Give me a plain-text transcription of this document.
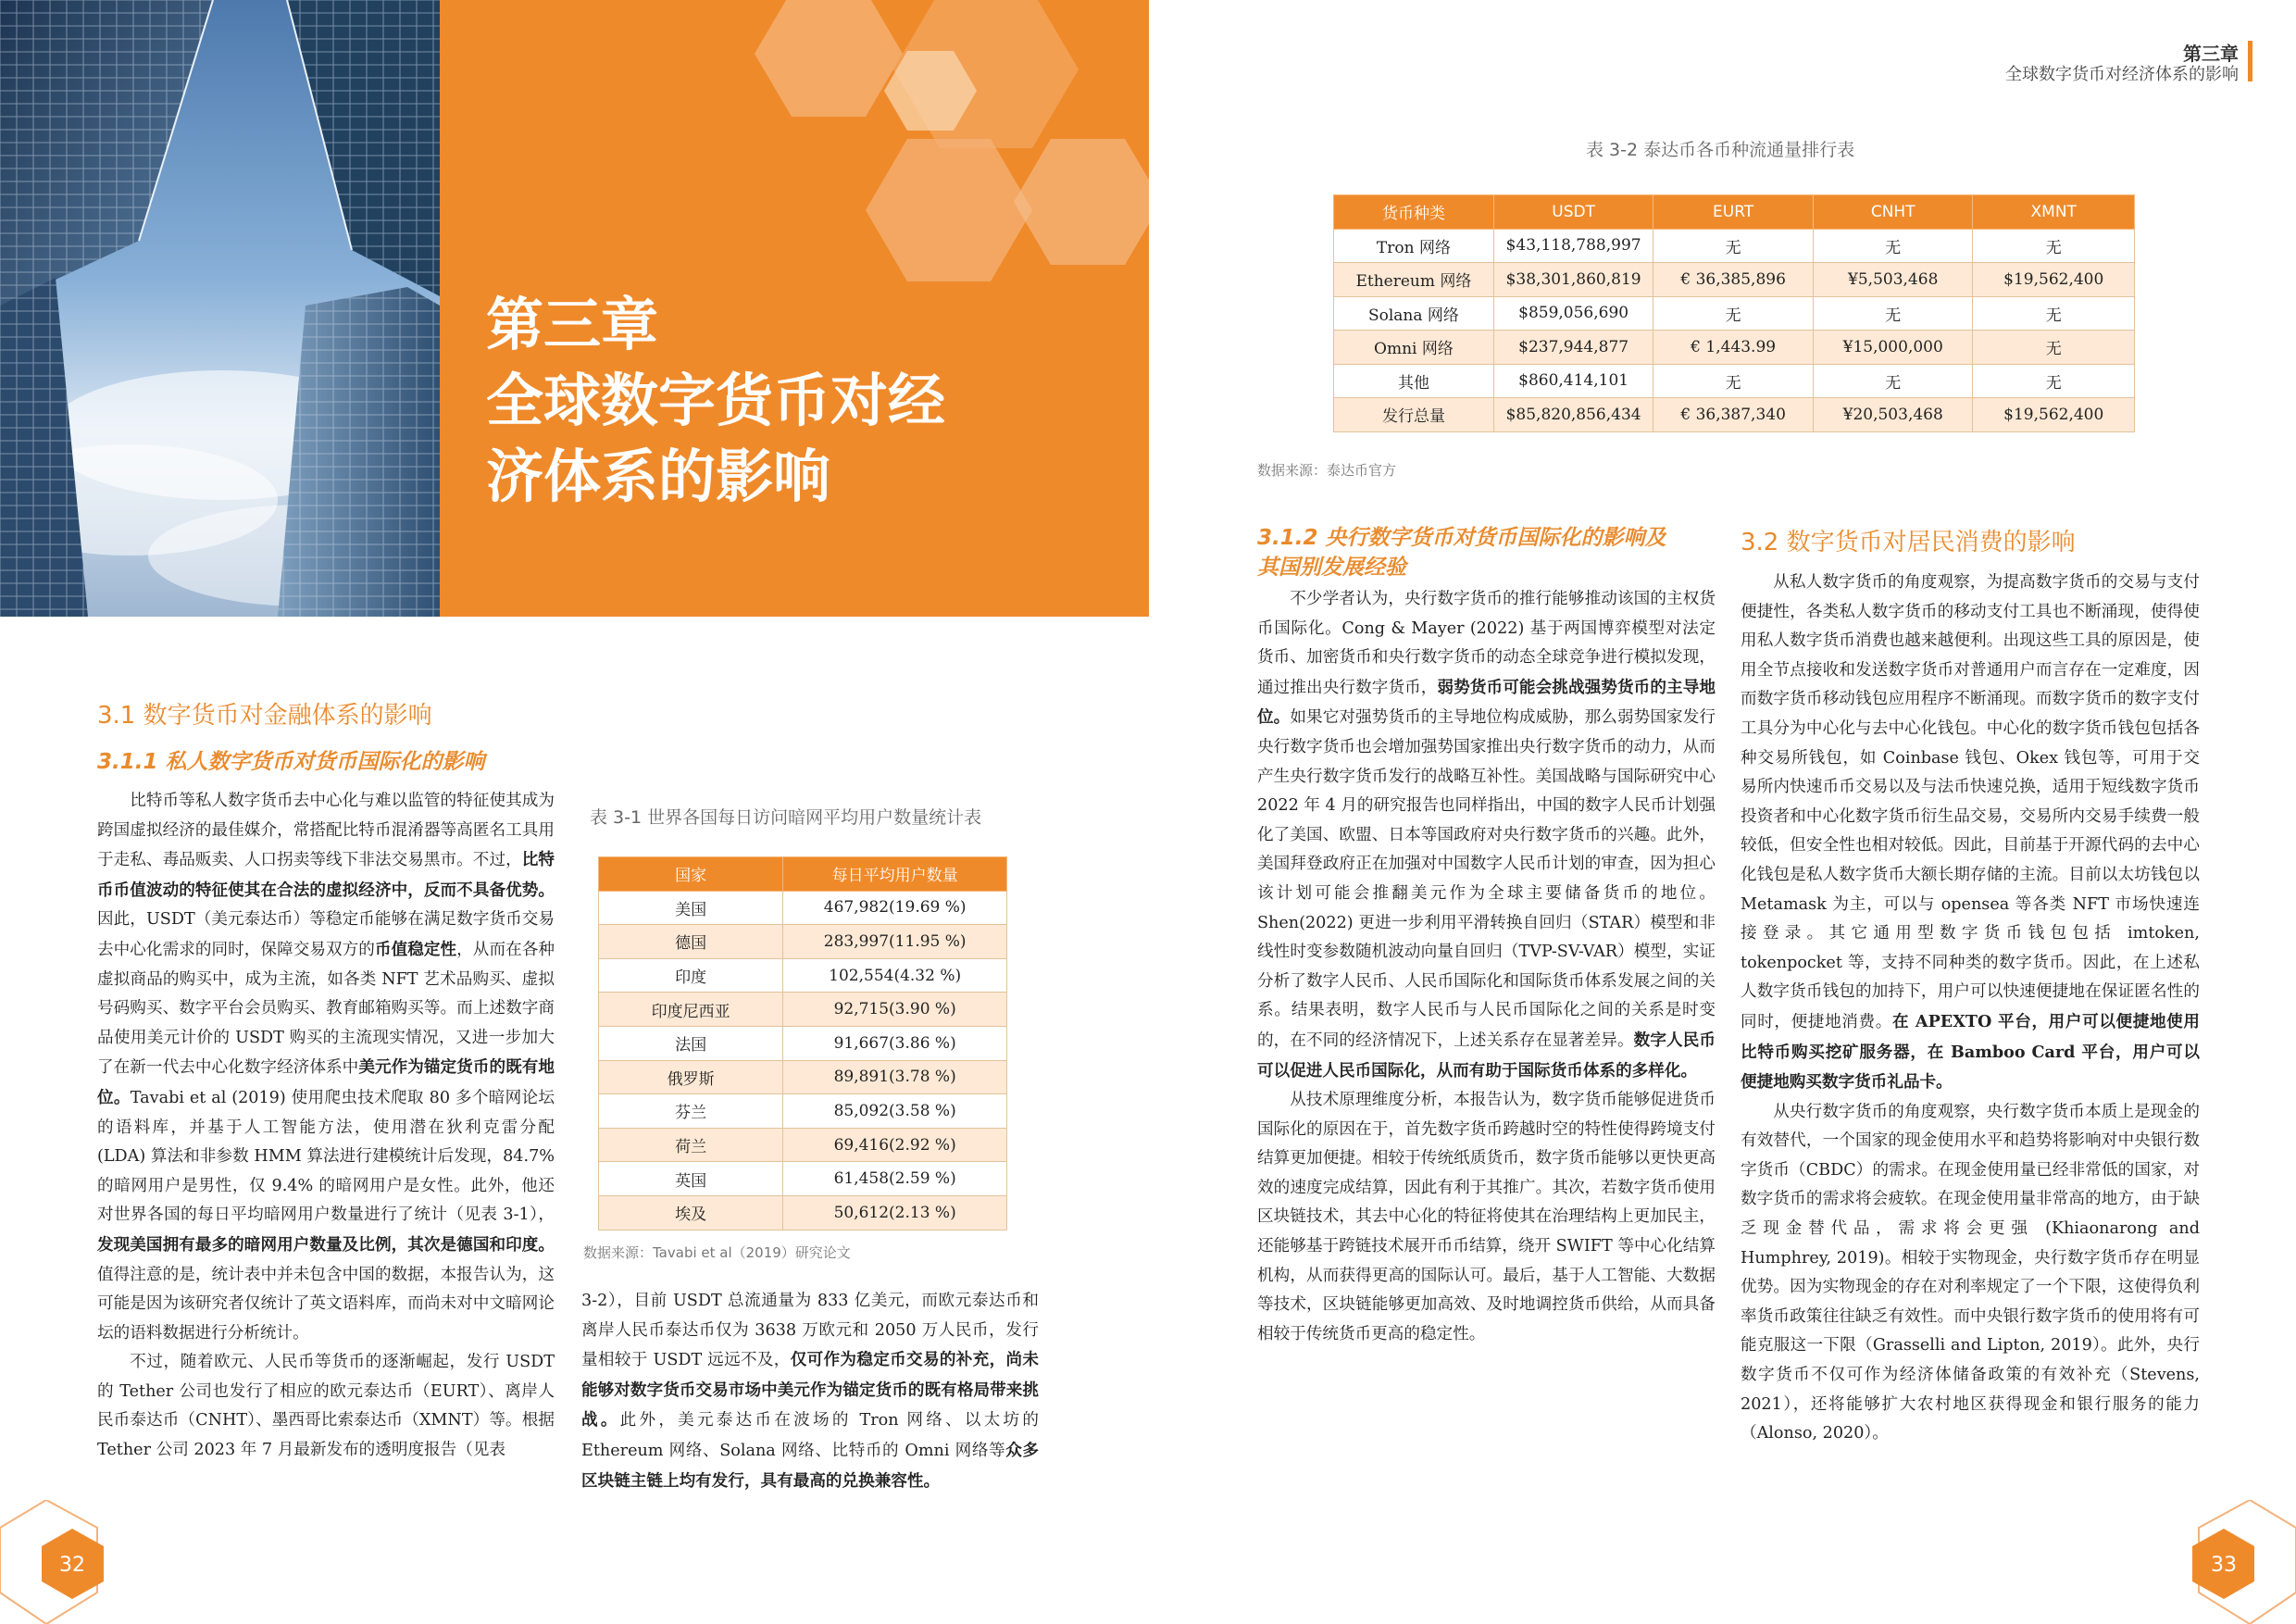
第三章
全球数字货币对经
济体系的影响
3.1 数字货币对金融体系的影响
3.1.1 私人数字货币对货币国际化的影响

比特币等私人数字货币去中心化与难以监管的特征使其成为跨国虚拟经济的最佳媒介，常搭配比特币混淆器等高匿名工具用于走私、毒品贩卖、人口拐卖等线下非法交易黑市。不过，比特币币值波动的特征使其在合法的虚拟经济中，反而不具备优势。因此，USDT（美元泰达币）等稳定币能够在满足数字货币交易去中心化需求的同时，保障交易双方的币值稳定性，从而在各种虚拟商品的购买中，成为主流，如各类 NFT 艺术品购买、虚拟号码购买、数字平台会员购买、教育邮箱购买等。而上述数字商品使用美元计价的 USDT 购买的主流现实情况，又进一步加大了在新一代去中心化数字经济体系中美元作为锚定货币的既有地位。Tavabi et al (2019) 使用爬虫技术爬取 80 多个暗网论坛的语料库，并基于人工智能方法，使用潜在狄利克雷分配 (LDA) 算法和非参数 HMM 算法进行建模统计后发现，84.7% 的暗网用户是男性，仅 9.4% 的暗网用户是女性。此外，他还对世界各国的每日平均暗网用户数量进行了统计（见表 3-1），发现美国拥有最多的暗网用户数量及比例，其次是德国和印度。值得注意的是，统计表中并未包含中国的数据，本报告认为，这可能是因为该研究者仅统计了英文语料库，而尚未对中文暗网论坛的语料数据进行分析统计。

不过，随着欧元、人民币等货币的逐渐崛起，发行 USDT 的 Tether 公司也发行了相应的欧元泰达币（EURT）、离岸人民币泰达币（CNHT）、墨西哥比索泰达币（XMNT）等。根据 Tether 公司 2023 年 7 月最新发布的透明度报告（见表

表 3-1 世界各国每日访问暗网平均用户数量统计表
国家	每日平均用户数量
美国	467,982(19.69 %)
德国	283,997(11.95 %)
印度	102,554(4.32 %)
印度尼西亚	92,715(3.90 %)
法国	91,667(3.86 %)
俄罗斯	89,891(3.78 %)
芬兰	85,092(3.58 %)
荷兰	69,416(2.92 %)
英国	61,458(2.59 %)
埃及	50,612(2.13 %)
数据来源：Tavabi et al（2019）研究论文

3-2），目前 USDT 总流通量为 833 亿美元，而欧元泰达币和离岸人民币泰达币仅为 3638 万欧元和 2050 万人民币，发行量相较于 USDT 远远不及，仅可作为稳定币交易的补充，尚未能够对数字货币交易市场中美元作为锚定货币的既有格局带来挑战。此外，美元泰达币在波场的 Tron 网络、以太坊的 Ethereum 网络、Solana 网络、比特币的 Omni 网络等众多区块链主链上均有发行，具有最高的兑换兼容性。

32
第三章
全球数字货币对经济体系的影响
表 3-2 泰达币各币种流通量排行表
货币种类	USDT	EURT	CNHT	XMNT
Tron 网络	$43,118,788,997	无	无	无
Ethereum 网络	$38,301,860,819	€ 36,385,896	¥5,503,468	$19,562,400
Solana 网络	$859,056,690	无	无	无
Omni 网络	$237,944,877	€ 1,443.99	¥15,000,000	无
其他	$860,414,101	无	无	无
发行总量	$85,820,856,434	€ 36,387,340	¥20,503,468	$19,562,400
数据来源：泰达币官方
3.1.2 央行数字货币对货币国际化的影响及
其国别发展经验

不少学者认为，央行数字货币的推行能够推动该国的主权货币国际化。Cong & Mayer (2022) 基于两国博弈模型对法定货币、加密货币和央行数字货币的动态全球竞争进行模拟发现，通过推出央行数字货币，弱势货币可能会挑战强势货币的主导地位。如果它对强势货币的主导地位构成威胁，那么弱势国家发行央行数字货币也会增加强势国家推出央行数字货币的动力，从而产生央行数字货币发行的战略互补性。美国战略与国际研究中心 2022 年 4 月的研究报告也同样指出，中国的数字人民币计划强化了美国、欧盟、日本等国政府对央行数字货币的兴趣。此外，美国拜登政府正在加强对中国数字人民币计划的审查，因为担心该计划可能会推翻美元作为全球主要储备货币的地位。Shen(2022) 更进一步利用平滑转换自回归（STAR）模型和非线性时变参数随机波动向量自回归（TVP-SV-VAR）模型，实证分析了数字人民币、人民币国际化和国际货币体系发展之间的关系。结果表明，数字人民币与人民币国际化之间的关系是时变的，在不同的经济情况下，上述关系存在显著差异。数字人民币可以促进人民币国际化，从而有助于国际货币体系的多样化。

从技术原理维度分析，本报告认为，数字货币能够促进货币国际化的原因在于，首先数字货币跨越时空的特性使得跨境支付结算更加便捷。相较于传统纸质货币，数字货币能够以更快更高效的速度完成结算，因此有利于其推广。其次，若数字货币使用区块链技术，其去中心化的特征将使其在治理结构上更加民主，还能够基于跨链技术展开币币结算，绕开 SWIFT 等中心化结算机构，从而获得更高的国际认可。最后，基于人工智能、大数据等技术，区块链能够更加高效、及时地调控货币供给，从而具备相较于传统货币更高的稳定性。

3.2 数字货币对居民消费的影响

从私人数字货币的角度观察，为提高数字货币的交易与支付便捷性，各类私人数字货币的移动支付工具也不断涌现，使得使用私人数字货币消费也越来越便利。出现这些工具的原因是，使用全节点接收和发送数字货币对普通用户而言存在一定难度，因而数字货币移动钱包应用程序不断涌现。而数字货币的数字支付工具分为中心化与去中心化钱包。中心化的数字货币钱包包括各种交易所钱包，如 Coinbase 钱包、Okex 钱包等，可用于交易所内快速币币交易以及与法币快速兑换，适用于短线数字货币投资者和中心化数字货币衍生品交易，交易所内交易手续费一般较低，但安全性也相对较低。因此，目前基于开源代码的去中心化钱包是私人数字货币大额长期存储的主流。目前以太坊钱包以 Metamask 为主，可以与 opensea 等各类 NFT 市场快速连接登录。其它通用型数字货币钱包包括 imtoken, tokenpocket 等，支持不同种类的数字货币。因此，在上述私人数字货币钱包的加持下，用户可以快速便捷地在保证匿名性的同时，便捷地消费。在 APEXTO 平台，用户可以便捷地使用比特币购买挖矿服务器，在 Bamboo Card 平台，用户可以便捷地购买数字货币礼品卡。

从央行数字货币的角度观察，央行数字货币本质上是现金的有效替代，一个国家的现金使用水平和趋势将影响对中央银行数字货币（CBDC）的需求。在现金使用量已经非常低的国家，对数字货币的需求将会疲软。在现金使用量非常高的地方，由于缺乏现金替代品，需求将会更强 (Khiaonarong and Humphrey, 2019)。相较于实物现金，央行数字货币存在明显优势。因为实物现金的存在对利率规定了一个下限，这使得负利率货币政策往往缺乏有效性。而中央银行数字货币的使用将有可能克服这一下限（Grasselli and Lipton, 2019）。此外，央行数字货币不仅可作为经济体储备政策的有效补充（Stevens, 2021），还将能够扩大农村地区获得现金和银行服务的能力（Alonso, 2020）。

33
